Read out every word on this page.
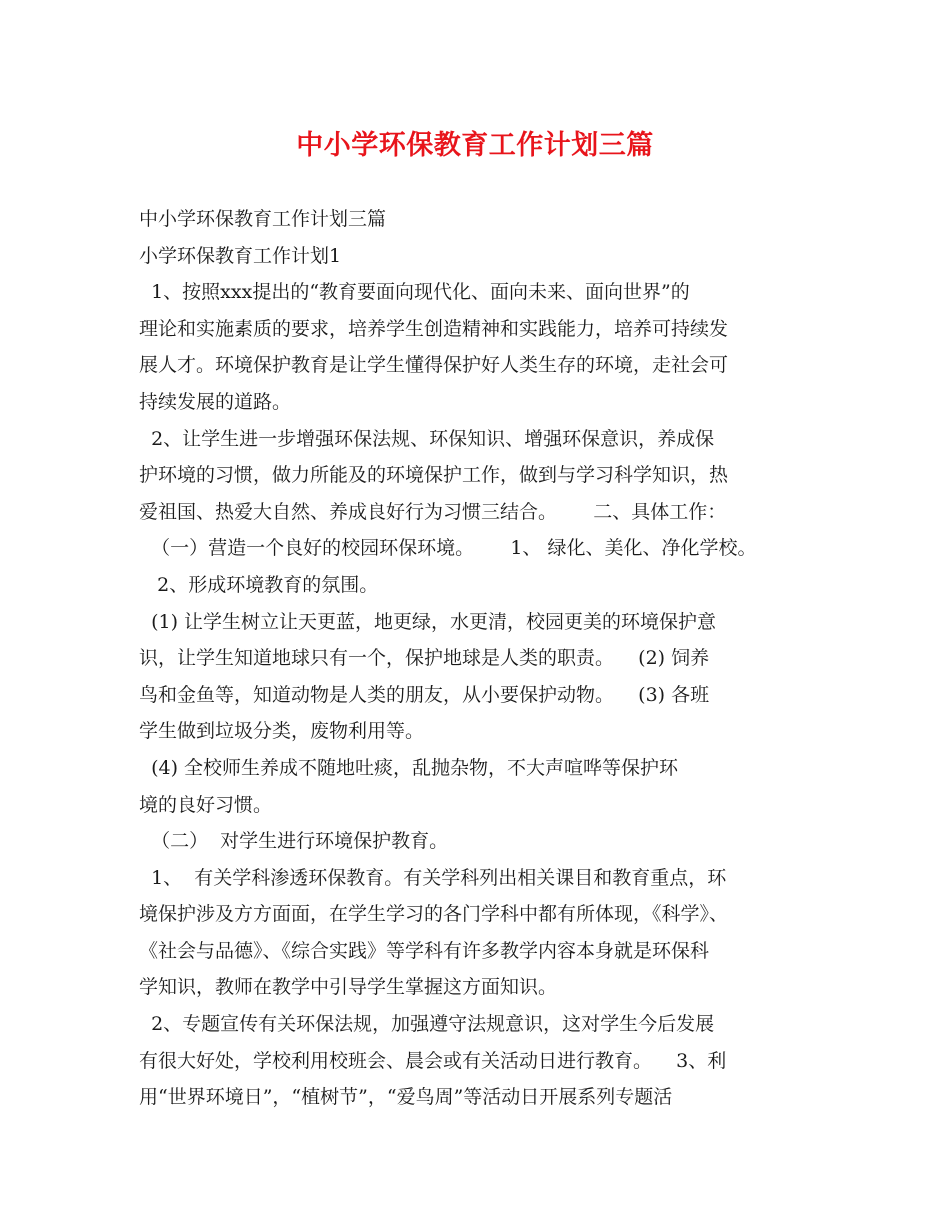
中小学环保教育工作计划三篇
中小学环保教育工作计划三篇
小学环保教育工作计划1
1、按照xxx提出的“教育要面向现代化、面向未来、面向世界”的
理论和实施素质的要求，培养学生创造精神和实践能力，培养可持续发
展人才。环境保护教育是让学生懂得保护好人类生存的环境，走社会可
持续发展的道路。
2、让学生进一步增强环保法规、环保知识、增强环保意识，养成保
护环境的习惯，做力所能及的环境保护工作，做到与学习科学知识，热
爱祖国、热爱大自然、养成良好行为习惯三结合。      二、具体工作：
（一）营造一个良好的校园环保环境。      1、 绿化、美化、净化学校。
2、形成环境教育的氛围。
(1) 让学生树立让天更蓝，地更绿，水更清，校园更美的环境保护意
识，让学生知道地球只有一个，保护地球是人类的职责。    (2) 饲养
鸟和金鱼等，知道动物是人类的朋友，从小要保护动物。    (3) 各班
学生做到垃圾分类，废物利用等。
(4) 全校师生养成不随地吐痰，乱抛杂物，不大声喧哗等保护环
境的良好习惯。
（二）  对学生进行环境保护教育。
1、  有关学科渗透环保教育。有关学科列出相关课目和教育重点，环
境保护涉及方方面面，在学生学习的各门学科中都有所体现，《科学》、
《社会与品德》、《综合实践》等学科有许多教学内容本身就是环保科
学知识，教师在教学中引导学生掌握这方面知识。
2、专题宣传有关环保法规，加强遵守法规意识，这对学生今后发展
有很大好处，学校利用校班会、晨会或有关活动日进行教育。    3、利
用“世界环境日”，“植树节”，“爱鸟周”等活动日开展系列专题活
